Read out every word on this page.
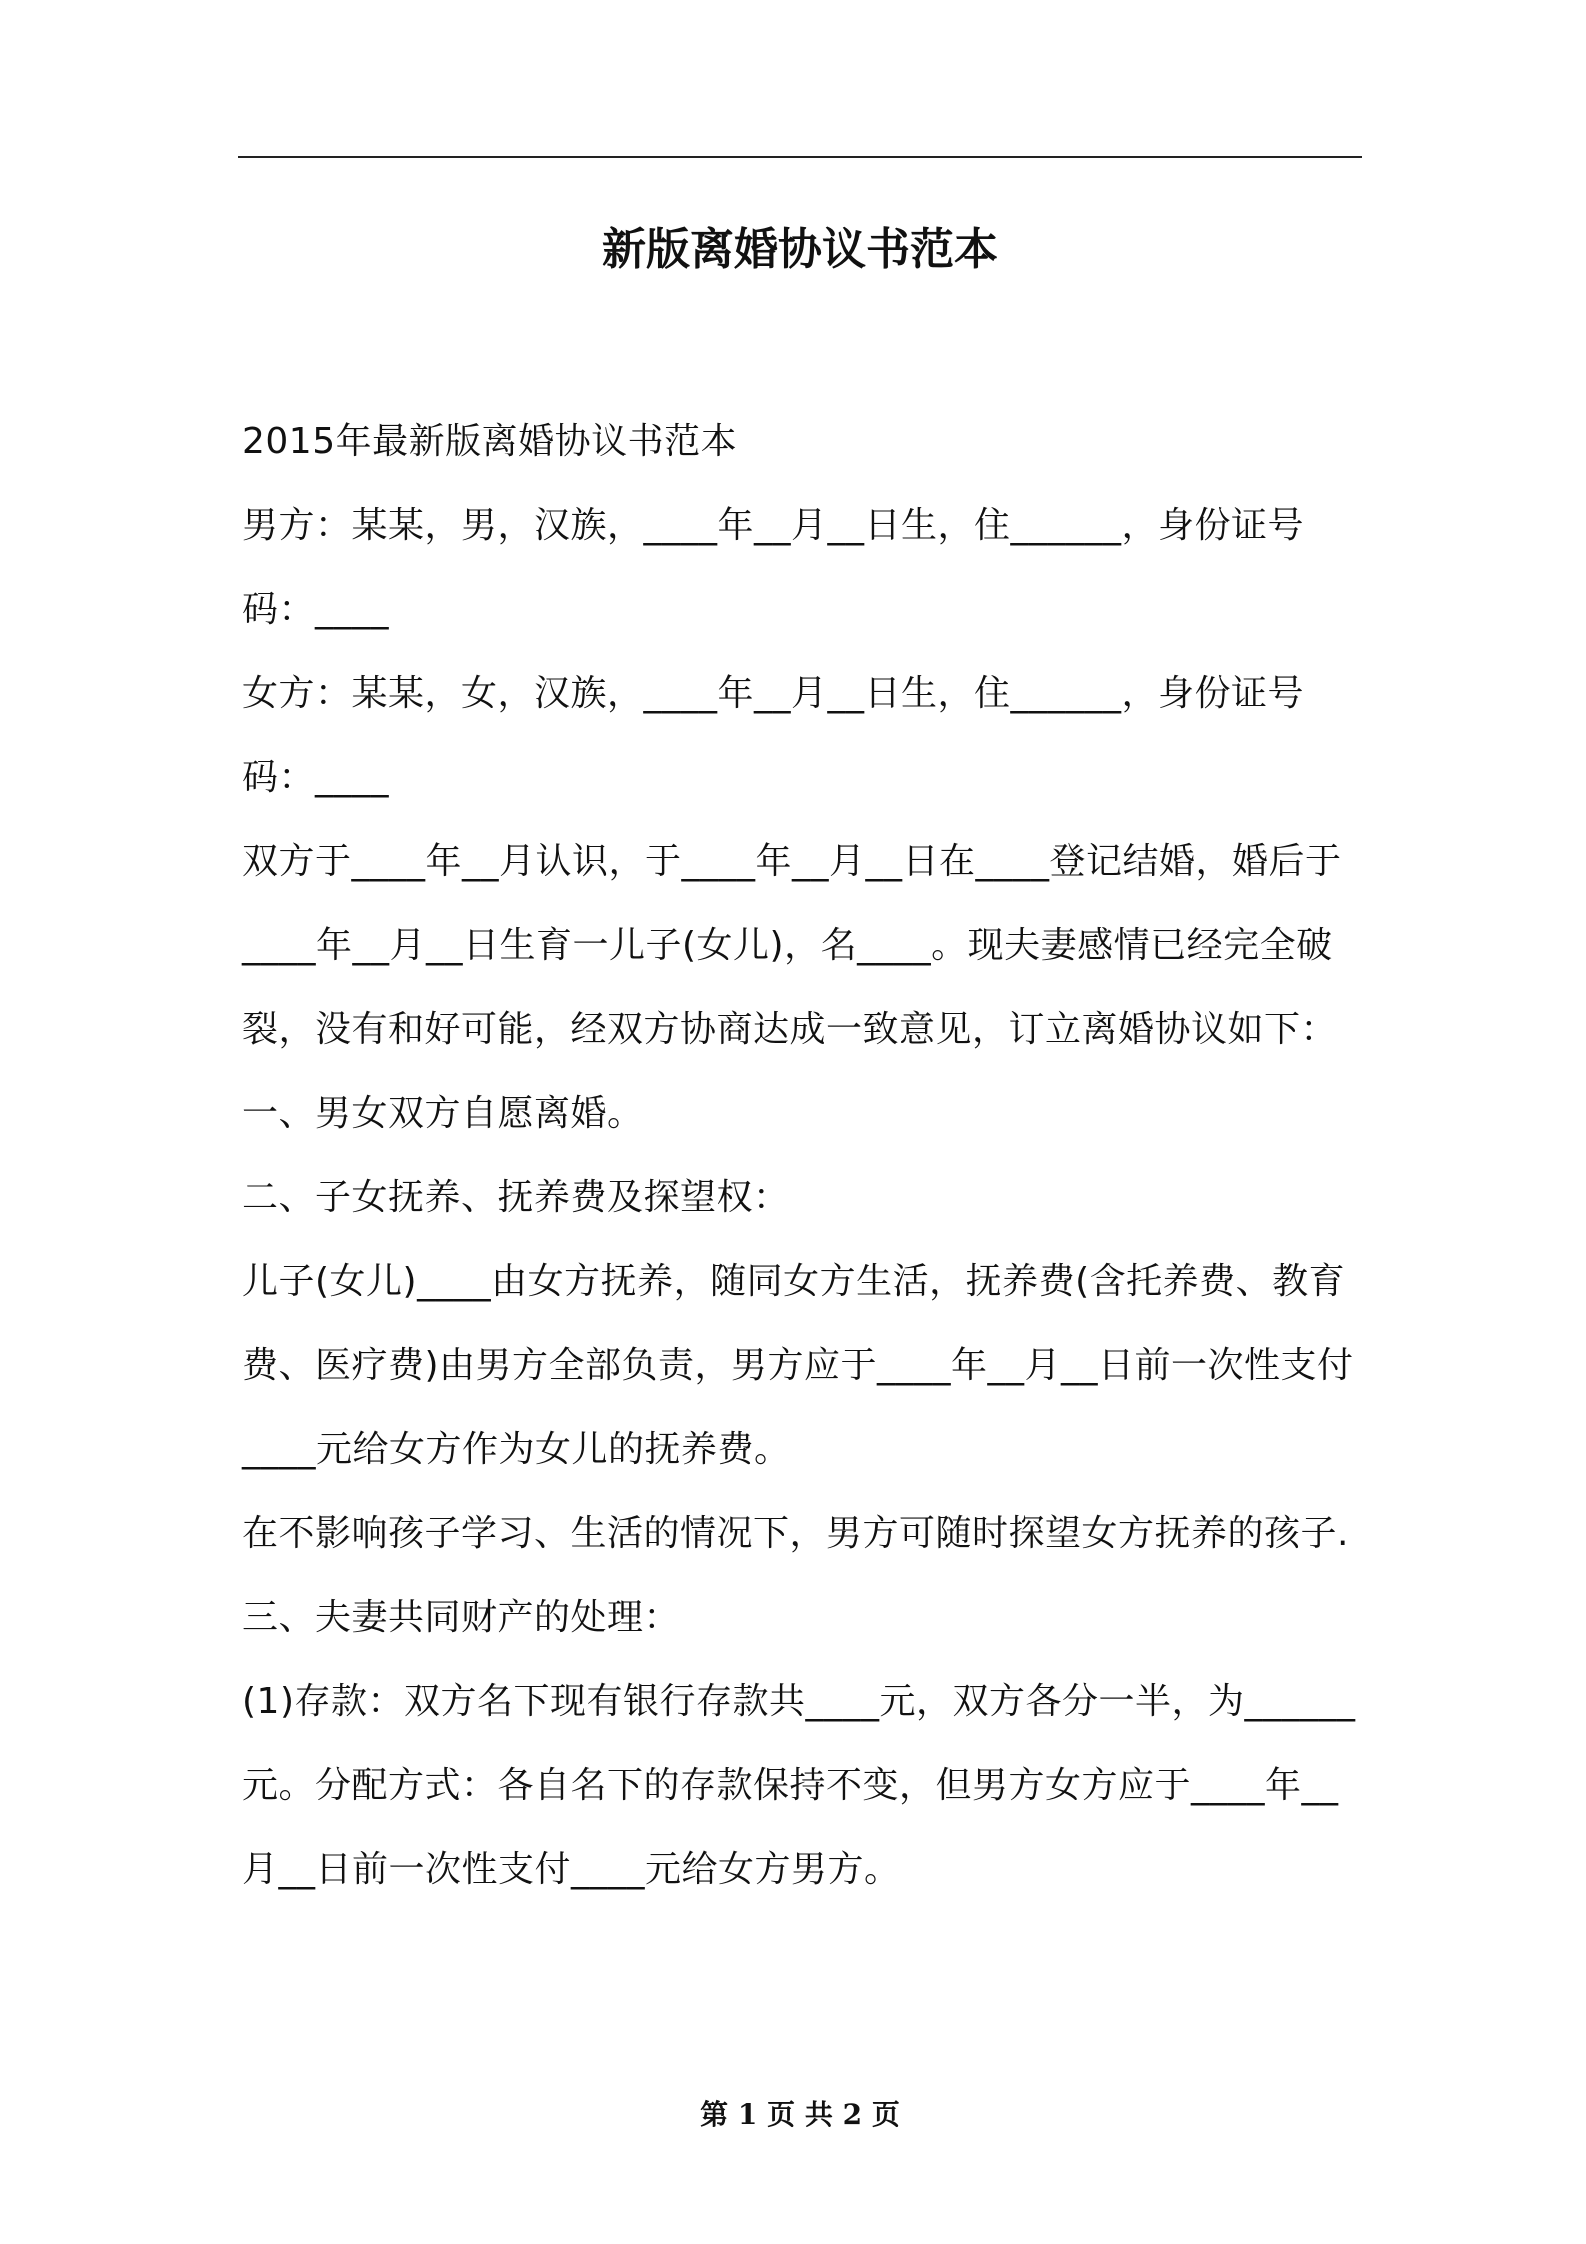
新版离婚协议书范本

2015年最新版离婚协议书范本

男方：某某，男，汉族，____年__月__日生，住______，身份证号码：____

女方：某某，女，汉族，____年__月__日生，住______，身份证号码：____

双方于____年__月认识，于____年__月__日在____登记结婚，婚后于____年__月__日生育一儿子(女儿)，名____。现夫妻感情已经完全破裂，没有和好可能，经双方协商达成一致意见，订立离婚协议如下：

一、男女双方自愿离婚。

二、子女抚养、抚养费及探望权：

儿子(女儿)____由女方抚养，随同女方生活，抚养费(含托养费、教育费、医疗费)由男方全部负责，男方应于____年__月__日前一次性支付____元给女方作为女儿的抚养费。

在不影响孩子学习、生活的情况下，男方可随时探望女方抚养的孩子.

三、夫妻共同财产的处理：

(1)存款：双方名下现有银行存款共____元，双方各分一半，为______元。分配方式：各自名下的存款保持不变，但男方女方应于____年__月__日前一次性支付____元给女方男方。

第 1 页 共 2 页
